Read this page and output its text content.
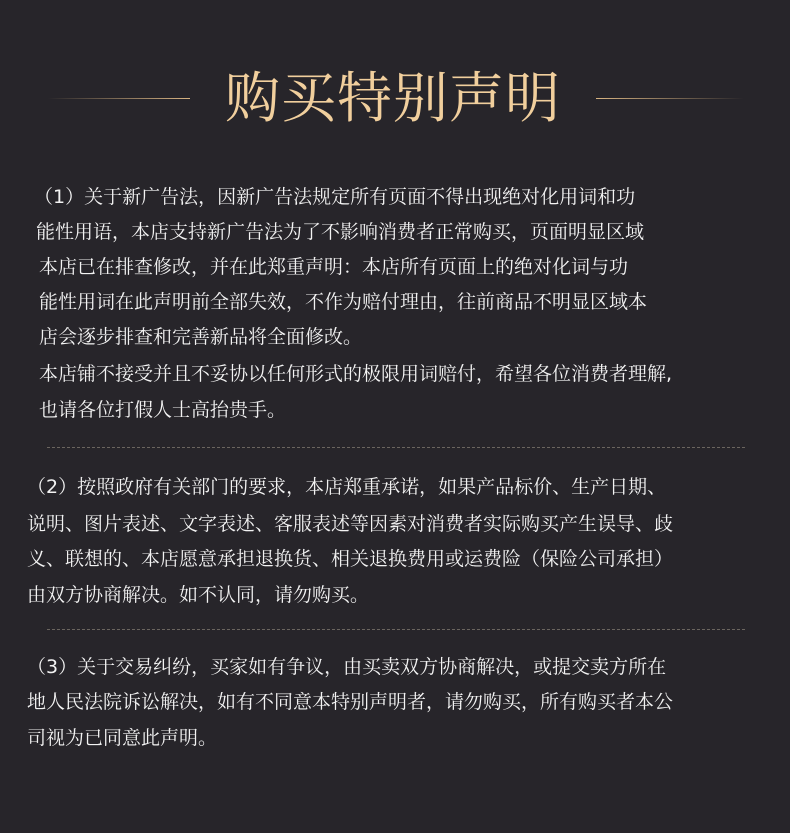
购买特别声明
（1）关于新广告法，因新广告法规定所有页面不得出现绝对化用词和功
能性用语，本店支持新广告法为了不影响消费者正常购买，页面明显区域
本店已在排查修改，并在此郑重声明：本店所有页面上的绝对化词与功
能性用词在此声明前全部失效，不作为赔付理由，往前商品不明显区域本
店会逐步排查和完善新品将全面修改。
本店铺不接受并且不妥协以任何形式的极限用词赔付，希望各位消费者理解,
也请各位打假人士高抬贵手。
（2）按照政府有关部门的要求，本店郑重承诺，如果产品标价、生产日期、
说明、图片表述、文字表述、客服表述等因素对消费者实际购买产生误导、歧
义、联想的、本店愿意承担退换货、相关退换费用或运费险（保险公司承担）
由双方协商解决。如不认同，请勿购买。
（3）关于交易纠纷，买家如有争议，由买卖双方协商解决，或提交卖方所在
地人民法院诉讼解决，如有不同意本特别声明者，请勿购买，所有购买者本公
司视为已同意此声明。
